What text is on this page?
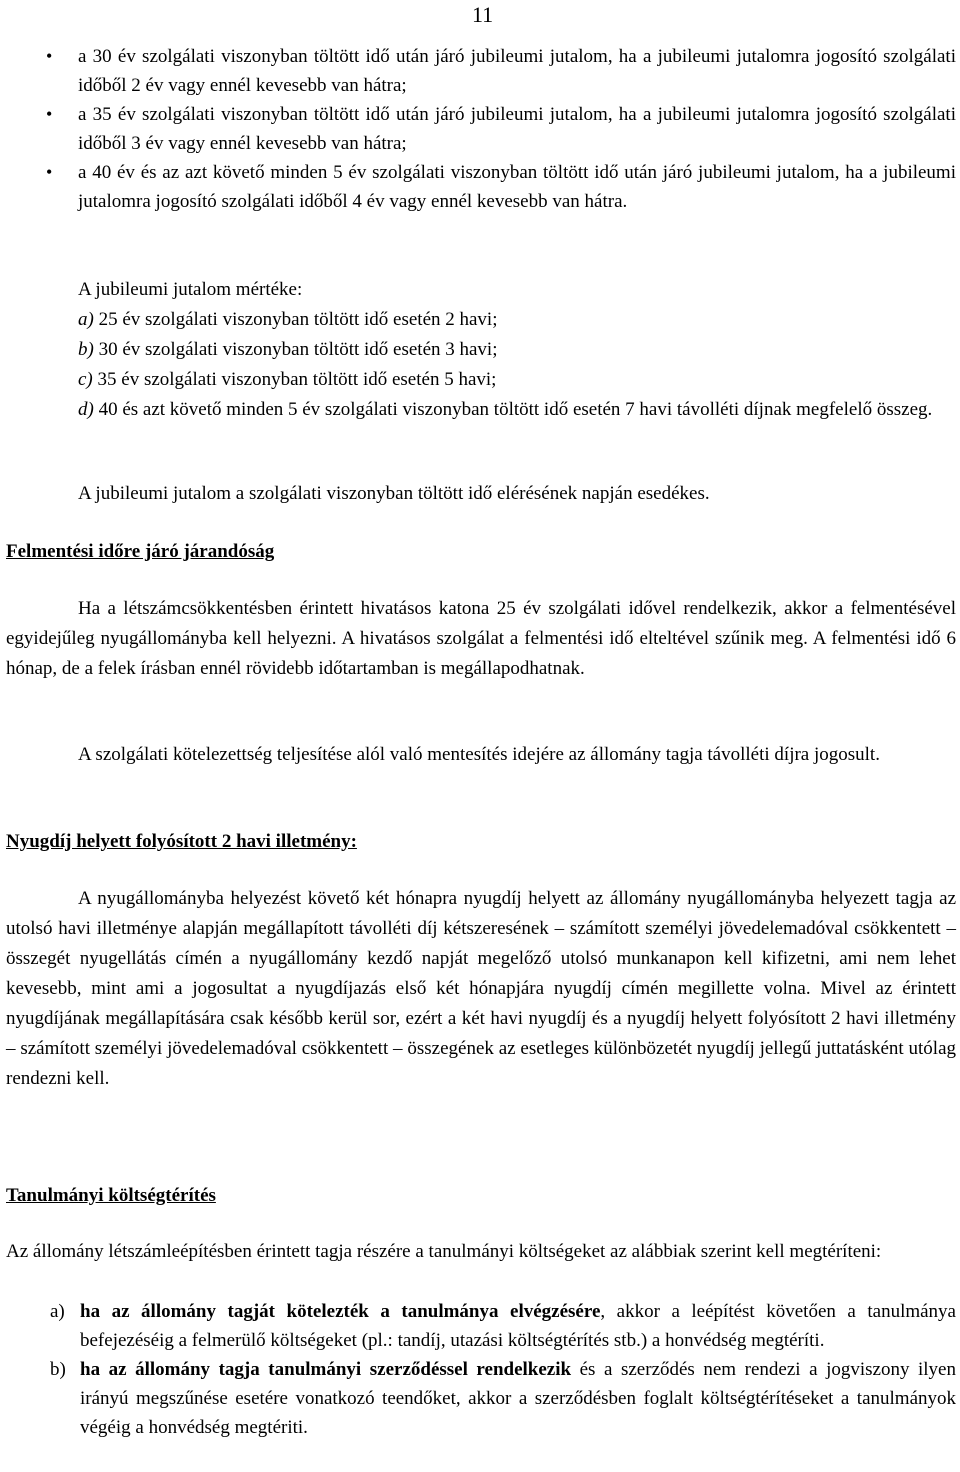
11
• a 30 év szolgálati viszonyban töltött idő után járó jubileumi jutalom, ha a jubileumi jutalomra jogosító szolgálati időből 2 év vagy ennél kevesebb van hátra;
• a 35 év szolgálati viszonyban töltött idő után járó jubileumi jutalom, ha a jubileumi jutalomra jogosító szolgálati időből 3 év vagy ennél kevesebb van hátra;
• a 40 év és az azt követő minden 5 év szolgálati viszonyban töltött idő után járó jubileumi jutalom, ha a jubileumi jutalomra jogosító szolgálati időből 4 év vagy ennél kevesebb van hátra.
A jubileumi jutalom mértéke:
a) 25 év szolgálati viszonyban töltött idő esetén 2 havi;
b) 30 év szolgálati viszonyban töltött idő esetén 3 havi;
c) 35 év szolgálati viszonyban töltött idő esetén 5 havi;
d) 40 és azt követő minden 5 év szolgálati viszonyban töltött idő esetén 7 havi távolléti díjnak megfelelő összeg.
A jubileumi jutalom a szolgálati viszonyban töltött idő elérésének napján esedékes.
Felmentési időre járó járandóság
Ha a létszámcsökkentésben érintett hivatásos katona 25 év szolgálati idővel rendelkezik, akkor a felmentésével egyidejűleg nyugállományba kell helyezni. A hivatásos szolgálat a felmentési idő elteltével szűnik meg. A felmentési idő 6 hónap, de a felek írásban ennél rövidebb időtartamban is megállapodhatnak.
A szolgálati kötelezettség teljesítése alól való mentesítés idejére az állomány tagja távolléti díjra jogosult.
Nyugdíj helyett folyósított 2 havi illetmény:
A nyugállományba helyezést követő két hónapra nyugdíj helyett az állomány nyugállományba helyezett tagja az utolsó havi illetménye alapján megállapított távolléti díj kétszeresének – számított személyi jövedelemadóval csökkentett – összegét nyugellátás címén a nyugállomány kezdő napját megelőző utolsó munkanapon kell kifizetni, ami nem lehet kevesebb, mint ami a jogosultat a nyugdíjazás első két hónapjára nyugdíj címén megillette volna. Mivel az érintett nyugdíjának megállapítására csak később kerül sor, ezért a két havi nyugdíj és a nyugdíj helyett folyósított 2 havi illetmény – számított személyi jövedelemadóval csökkentett – összegének az esetleges különbözetét nyugdíj jellegű juttatásként utólag rendezni kell.
Tanulmányi költségtérítés
Az állomány létszámleépítésben érintett tagja részére a tanulmányi költségeket az alábbiak szerint kell megtéríteni:
a) ha az állomány tagját kötelezték a tanulmánya elvégzésére, akkor a leépítést követően a tanulmánya befejezéséig a felmerülő költségeket (pl.: tandíj, utazási költségtérítés stb.) a honvédség megtéríti.
b) ha az állomány tagja tanulmányi szerződéssel rendelkezik és a szerződés nem rendezi a jogviszony ilyen irányú megszűnése esetére vonatkozó teendőket, akkor a szerződésben foglalt költségtérítéseket a tanulmányok végéig a honvédség megtériti.
